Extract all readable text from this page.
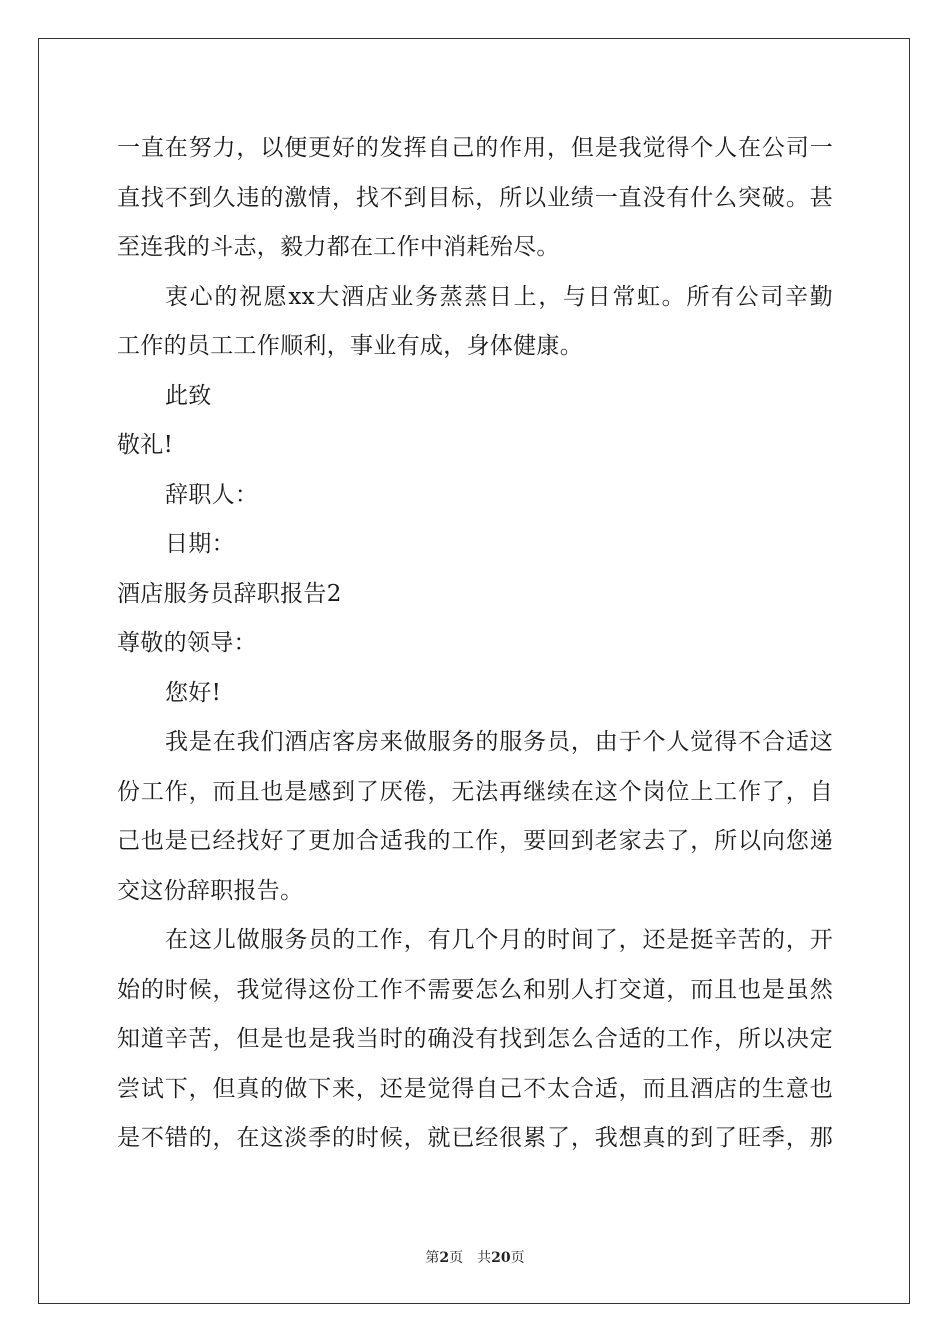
一直在努力，以便更好的发挥自己的作用，但是我觉得个人在公司一
直找不到久违的激情，找不到目标，所以业绩一直没有什么突破。甚
至连我的斗志，毅力都在工作中消耗殆尽。
衷心的祝愿xx大酒店业务蒸蒸日上，与日常虹。所有公司辛勤
工作的员工工作顺利，事业有成，身体健康。
此致
敬礼!
辞职人：
日期：
酒店服务员辞职报告2
尊敬的领导：
您好!
我是在我们酒店客房来做服务的服务员，由于个人觉得不合适这
份工作，而且也是感到了厌倦，无法再继续在这个岗位上工作了，自
己也是已经找好了更加合适我的工作，要回到老家去了，所以向您递
交这份辞职报告。
在这儿做服务员的工作，有几个月的时间了，还是挺辛苦的，开
始的时候，我觉得这份工作不需要怎么和别人打交道，而且也是虽然
知道辛苦，但是也是我当时的确没有找到怎么合适的工作，所以决定
尝试下，但真的做下来，还是觉得自己不太合适，而且酒店的生意也
是不错的，在这淡季的时候，就已经很累了，我想真的到了旺季，那
第2页 共20页
